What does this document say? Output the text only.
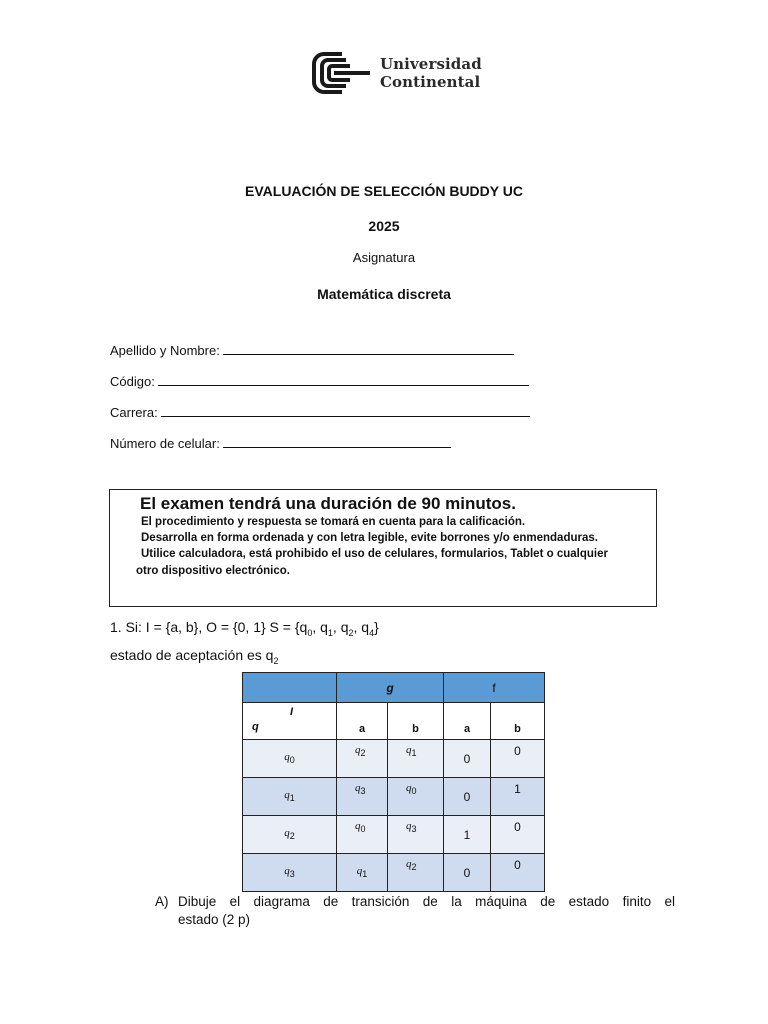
Universidad
Continental
EVALUACIÓN DE SELECCIÓN BUDDY UC
2025
Asignatura
Matemática discreta
Apellido y Nombre:
Código:
Carrera:
Número de celular:
El examen tendrá una duración de 90 minutos.
El procedimiento y respuesta se tomará en cuenta para la calificación.
Desarrolla en forma ordenada y con letra legible, evite borrones y/o enmendaduras.
Utilice calculadora, está prohibido el uso de celulares, formularios, Tablet o cualquier
otro dispositivo electrónico.
1. Si: I = {a, b}, O = {0, 1} $S = \{q_0$, $q_1$, $q_2$, $q_4$}
estado de aceptación es $q_2$
	g		f	

I
q	a	b	a	b
$q_0$	$q_2$	$q_1$	0	0
$q_1$	$q_3$	$q_0$	0	1
$q_2$	$q_0$	$q_3$	1	0
$q_3$	$q_1$	$q_2$	0	0
A) Dibuje el diagrama de transición de la máquina de estado finito el
estado (2 p)
